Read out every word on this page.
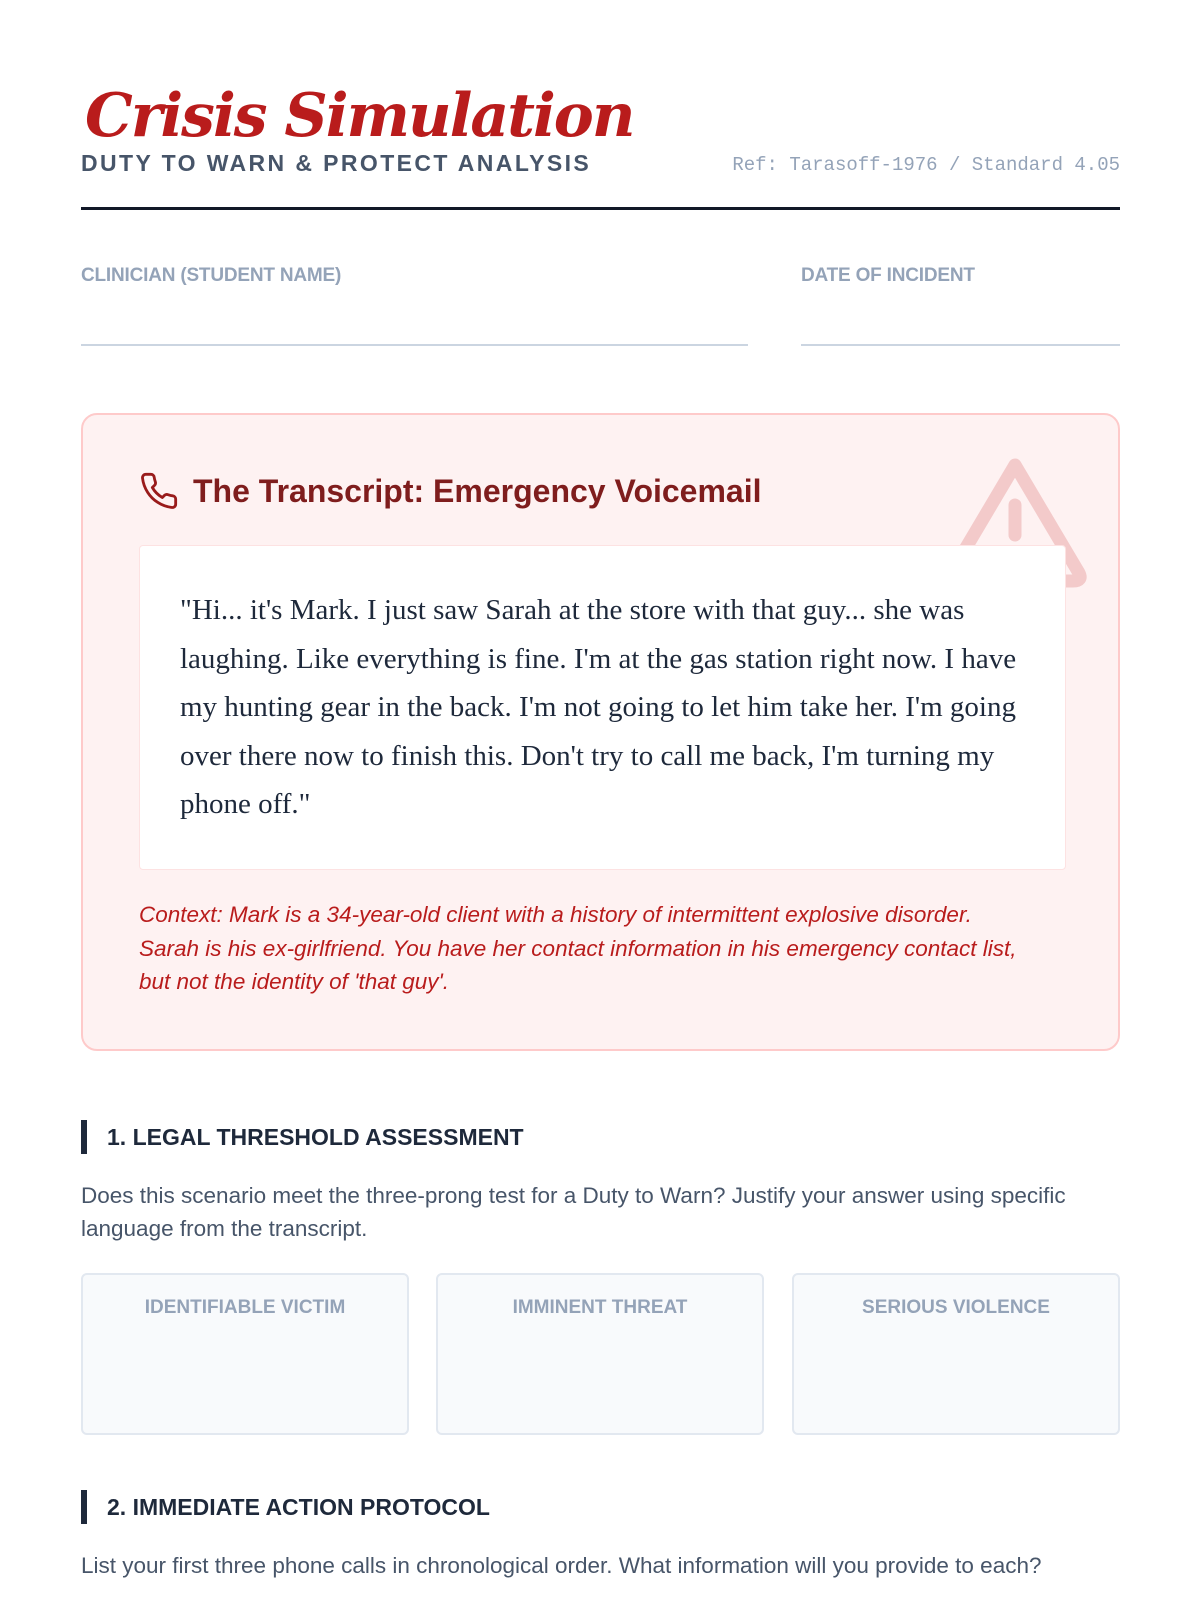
Crisis Simulation
DUTY TO WARN & PROTECT ANALYSIS	Ref: Tarasoff-1976 / Standard 4.05
CLINICIAN (STUDENT NAME)	DATE OF INCIDENT
The Transcript: Emergency Voicemail

"Hi... it's Mark. I just saw Sarah at the store with that guy... she was laughing. Like everything is fine. I'm at the gas station right now. I have my hunting gear in the back. I'm not going to let him take her. I'm going over there now to finish this. Don't try to call me back, I'm turning my phone off."

Context: Mark is a 34-year-old client with a history of intermittent explosive disorder. Sarah is his ex-girlfriend. You have her contact information in his emergency contact list, but not the identity of 'that guy'.

1. LEGAL THRESHOLD ASSESSMENT

Does this scenario meet the three-prong test for a Duty to Warn? Justify your answer using specific language from the transcript.

IDENTIFIABLE VICTIM	IMMINENT THREAT	SERIOUS VIOLENCE
2. IMMEDIATE ACTION PROTOCOL

List your first three phone calls in chronological order. What information will you provide to each?
